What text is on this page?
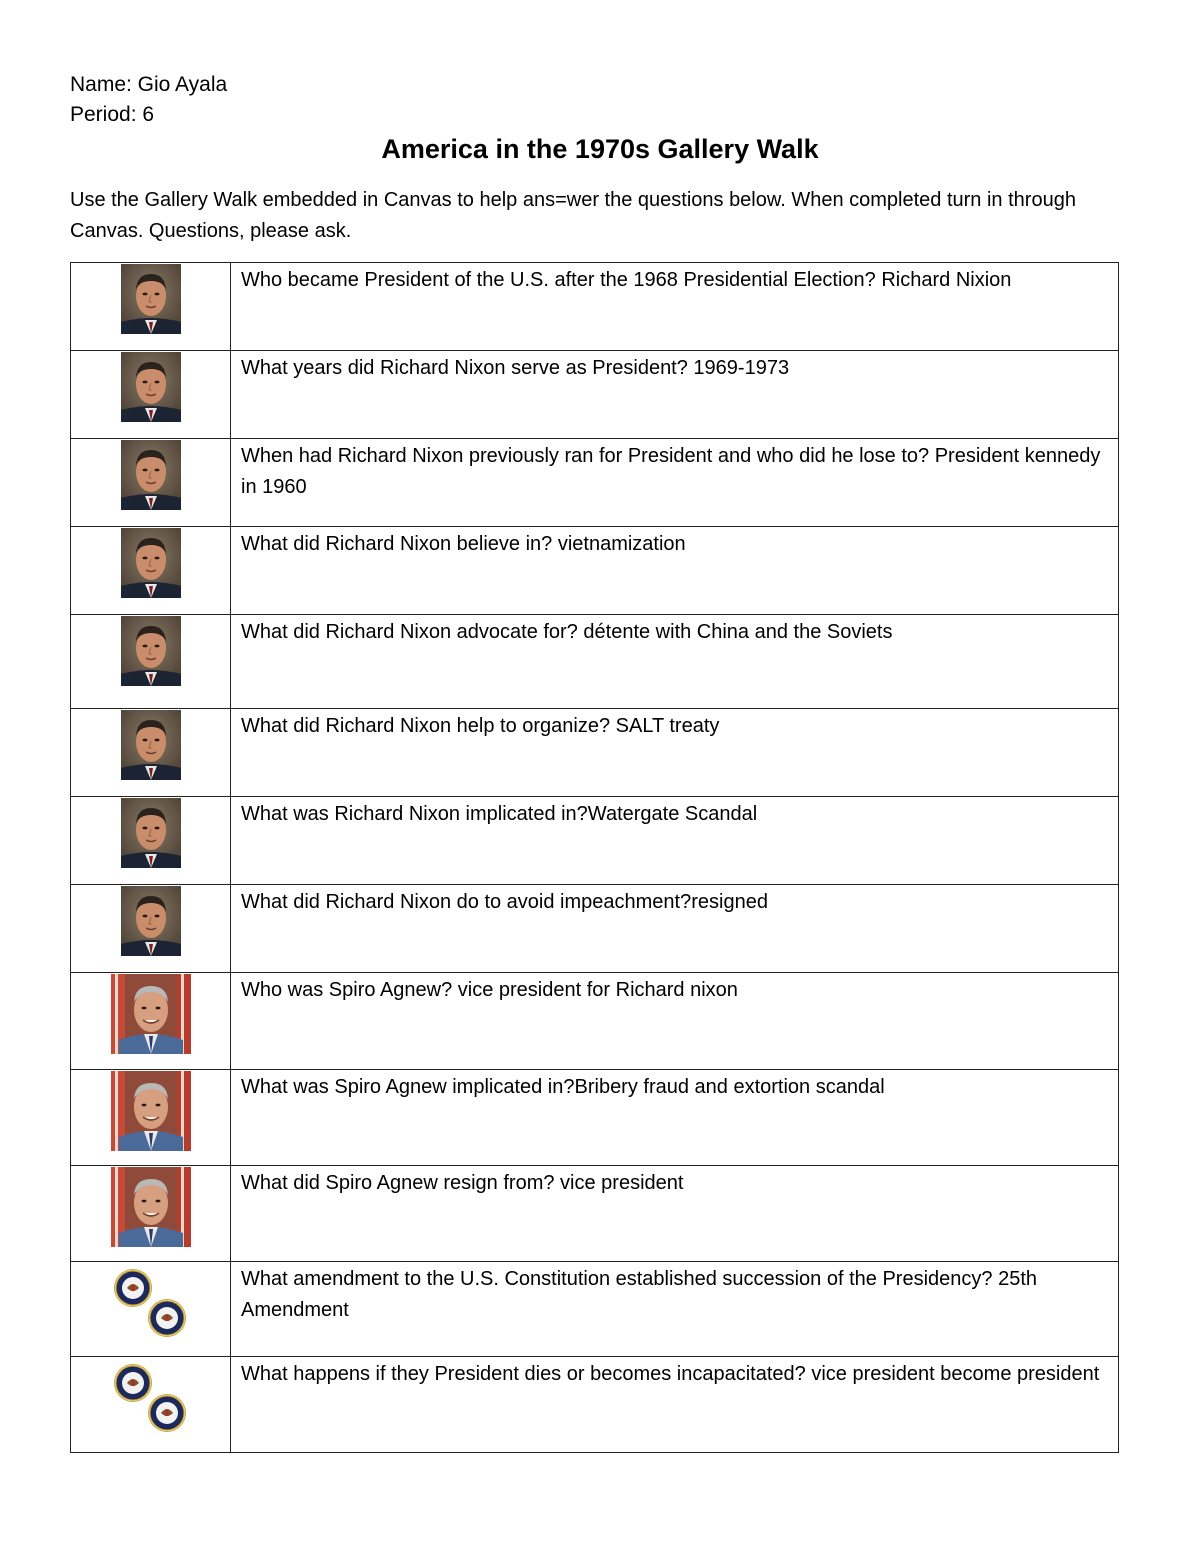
Name: Gio Ayala
Period: 6
America in the 1970s Gallery Walk
Use the Gallery Walk embedded in Canvas to help ans=wer the questions below. When completed turn in through Canvas. Questions, please ask.
	Who became President of the U.S. after the 1968 Presidential Election? Richard Nixion

	What years did Richard Nixon serve as President? 1969-1973

	When had Richard Nixon previously ran for President and who did he lose to? President kennedy in 1960

	What did Richard Nixon believe in? vietnamization

	What did Richard Nixon advocate for? détente with China and the Soviets

	What did Richard Nixon help to organize? SALT treaty

	What was Richard Nixon implicated in?Watergate Scandal

	What did Richard Nixon do to avoid impeachment?resigned

	Who was Spiro Agnew? vice president for Richard nixon

	What was Spiro Agnew implicated in?Bribery fraud and extortion scandal

	What did Spiro Agnew resign from? vice president

	What amendment to the U.S. Constitution established succession of the Presidency? 25th Amendment

	What happens if they President dies or becomes incapacitated? vice president become president
